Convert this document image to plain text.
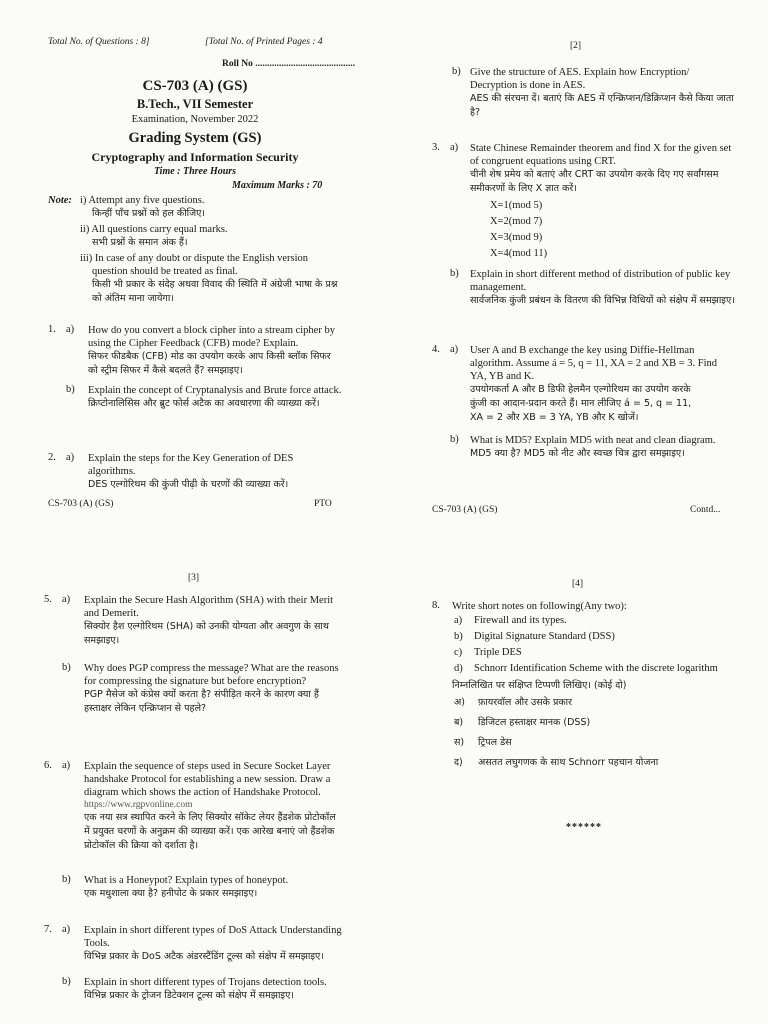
Total No. of Questions : 8]	[Total No. of Printed Pages : 4
Roll No ..........................................
CS-703 (A) (GS)
B.Tech., VII Semester
Examination, November 2022
Grading System (GS)
Cryptography and Information Security
Time : Three Hours
Maximum Marks : 70
Note: i) Attempt any five questions.
किन्हीं पाँच प्रश्नों को हल कीजिए।
ii) All questions carry equal marks.
सभी प्रश्नों के समान अंक हैं।
iii) In case of any doubt or dispute the English version question should be treated as final.
किसी भी प्रकार के संदेह अथवा विवाद की स्थिति में अंग्रेजी भाषा के प्रश्न को अंतिम माना जायेगा।
1. a) How do you convert a block cipher into a stream cipher by using the Cipher Feedback (CFB) mode? Explain.
सिफर फीडबैक (CFB) मोड का उपयोग करके आप किसी ब्लॉक सिफर को स्ट्रीम सिफर में कैसे बदलते हैं? समझाइए।
b) Explain the concept of Cryptanalysis and Brute force attack.
क्रिप्टोनालिसिस और ब्रुट फोर्स अटैक का अवधारणा की व्याख्या करें।
2. a) Explain the steps for the Key Generation of DES algorithms.
DES एल्गोरिथम की कुंजी पीढ़ी के चरणों की व्याख्या करें।
CS-703 (A) (GS)	PTO
[2]
b) Give the structure of AES. Explain how Encryption/ Decryption is done in AES.
AES की संरचना दें। बताएं कि AES में एन्क्रिप्शन/डिक्रिप्शन कैसे किया जाता है?
3. a) State Chinese Remainder theorem and find X for the given set of congruent equations using CRT.
चीनी शेष प्रमेय को बताएं और CRT का उपयोग करके दिए गए सर्वांगसम समीकरणों के लिए X ज्ञात करें।
X=1(mod 5)
X=2(mod 7)
X=3(mod 9)
X=4(mod 11)
b) Explain in short different method of distribution of public key management.
सार्वजनिक कुंजी प्रबंधन के वितरण की विभिन्न विधियों को संक्षेप में समझाइए।
4. a) User A and B exchange the key using Diffie-Hellman
algorithm. Assume á = 5, q = 11, XA = 2 and XB = 3. Find
YA, YB and K.
उपयोगकर्ता A और B डिफी हेलमैन एल्गोरिथम का उपयोग करके
कुंजी का आदान-प्रदान करते हैं। मान लीजिए á = 5, q = 11,
XA = 2 और XB = 3 YA, YB और K खोजें।
b) What is MD5? Explain MD5 with neat and clean diagram.
MD5 क्या है? MD5 को नीट और स्वच्छ चित्र द्वारा समझाइए।
CS-703 (A) (GS)	Contd...
[3]
5. a) Explain the Secure Hash Algorithm (SHA) with their Merit and Demerit.
सिक्योर हैश एल्गोरिथम (SHA) को उनकी योग्यता और अवगुण के साथ समझाइए।
b) Why does PGP compress the message? What are the reasons for compressing the signature but before encryption?
PGP मैसेज को कंप्रेस क्यों करता है? संपीड़ित करने के कारण क्या हैं हस्ताक्षर लेकिन एन्क्रिप्शन से पहले?
6. a) Explain the sequence of steps used in Secure Socket Layer handshake Protocol for establishing a new session. Draw a diagram which shows the action of Handshake Protocol.
https://www.rgpvonline.com
एक नया सत्र स्थापित करने के लिए सिक्योर सॉकेट लेयर हैंडशेक प्रोटोकॉल में प्रयुक्त चरणों के अनुक्रम की व्याख्या करें। एक आरेख बनाएं जो हैंडशेक प्रोटोकॉल की क्रिया को दर्शाता है।
b) What is a Honeypot? Explain types of honeypot.
एक मधुशाला क्या है? हनीपोट के प्रकार समझाइए।
7. a) Explain in short different types of DoS Attack Understanding Tools.
विभिन्न प्रकार के DoS अटैक अंडरस्टैंडिंग टूल्स को संक्षेप में समझाइए।
b) Explain in short different types of Trojans detection tools.
विभिन्न प्रकार के ट्रोजन डिटेक्शन टूल्स को संक्षेप में समझाइए।
[4]
8. Write short notes on following(Any two):
a) Firewall and its types.
b) Digital Signature Standard (DSS)
c) Triple DES
d) Schnorr Identification Scheme with the discrete logarithm
निम्नलिखित पर संक्षिप्त टिप्पणी लिखिए। (कोई दो)
अ) फ़ायरवॉल और उसके प्रकार
ब) डिजिटल हस्ताक्षर मानक (DSS)
स) ट्रिपल डेस
द) असतत लघुगणक के साथ Schnorr पहचान योजना
******
